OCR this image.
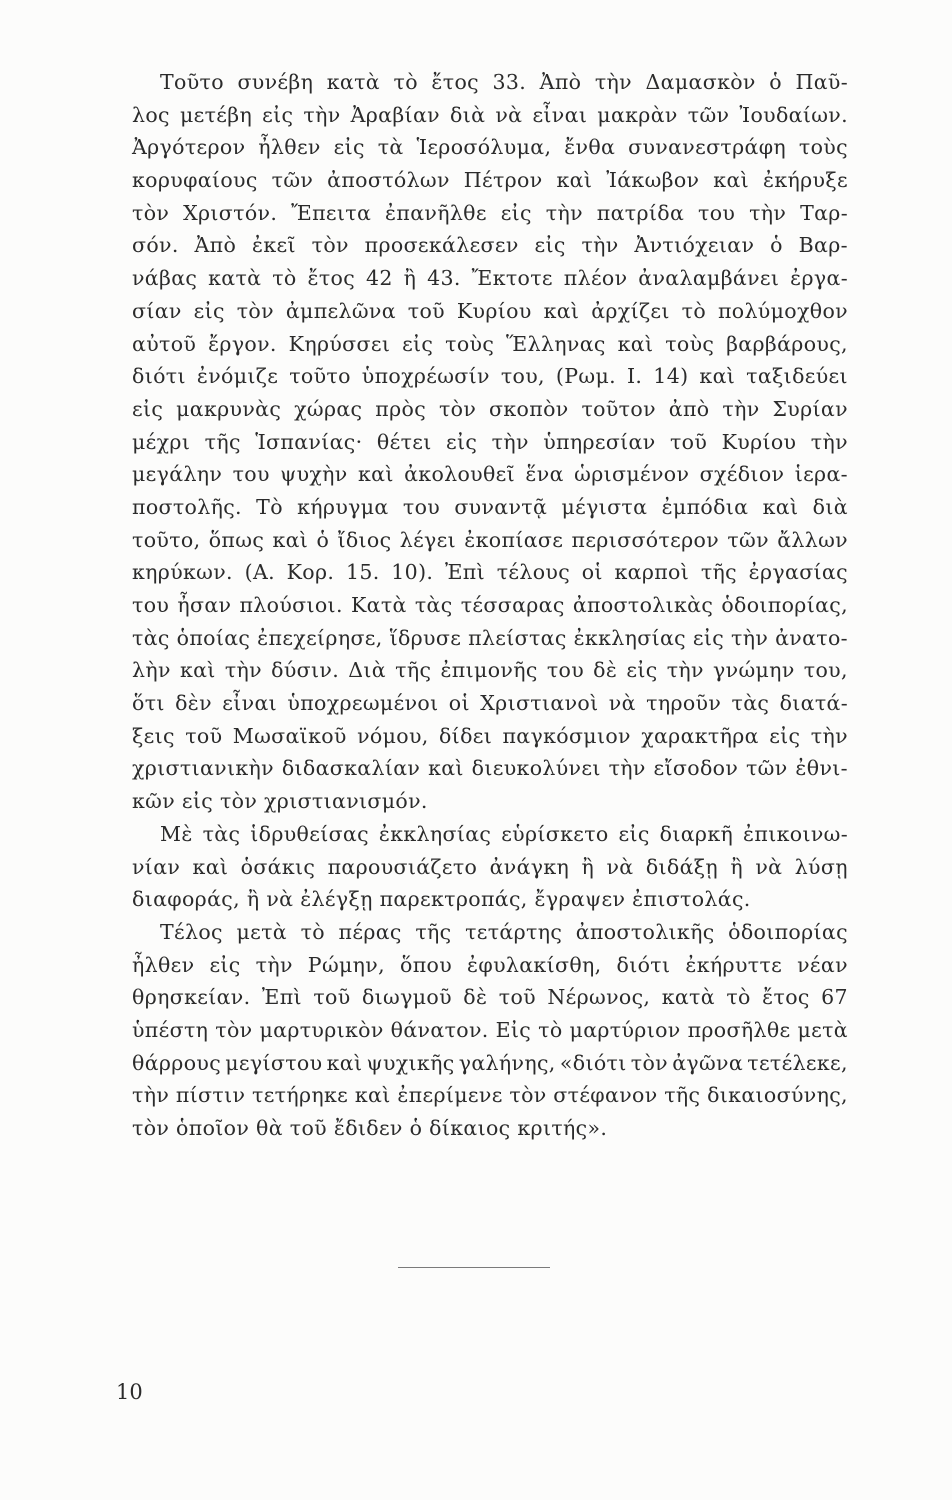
Τοῦτο συνέβη κατὰ τὸ ἔτος 33. Ἀπὸ τὴν Δαμασκὸν ὁ Παῦ-
λος μετέβη εἰς τὴν Ἀραβίαν διὰ νὰ εἶναι μακρὰν τῶν Ἰουδαίων.
Ἀργότερον ἦλθεν εἰς τὰ Ἱεροσόλυμα, ἔνθα συνανεστράφη τοὺς
κορυφαίους τῶν ἀποστόλων Πέτρον καὶ Ἰάκωβον καὶ ἐκήρυξε
τὸν Χριστόν. Ἔπειτα ἐπανῆλθε εἰς τὴν πατρίδα του τὴν Ταρ-
σόν. Ἀπὸ ἐκεῖ τὸν προσεκάλεσεν εἰς τὴν Ἀντιόχειαν ὁ Βαρ-
νάβας κατὰ τὸ ἔτος 42 ἢ 43. Ἔκτοτε πλέον ἀναλαμβάνει ἐργα-
σίαν εἰς τὸν ἀμπελῶνα τοῦ Κυρίου καὶ ἀρχίζει τὸ πολύμοχθον
αὐτοῦ ἔργον. Κηρύσσει εἰς τοὺς Ἕλληνας καὶ τοὺς βαρβάρους,
διότι ἐνόμιζε τοῦτο ὑποχρέωσίν του, (Ρωμ. Ι. 14) καὶ ταξιδεύει
εἰς μακρυνὰς χώρας πρὸς τὸν σκοπὸν τοῦτον ἀπὸ τὴν Συρίαν
μέχρι τῆς Ἱσπανίας· θέτει εἰς τὴν ὑπηρεσίαν τοῦ Κυρίου τὴν
μεγάλην του ψυχὴν καὶ ἀκολουθεῖ ἕνα ὡρισμένον σχέδιον ἱερα-
ποστολῆς. Τὸ κήρυγμα του συναντᾷ μέγιστα ἐμπόδια καὶ διὰ
τοῦτο, ὅπως καὶ ὁ ἴδιος λέγει ἐκοπίασε περισσότερον τῶν ἄλλων
κηρύκων. (Α. Κορ. 15. 10). Ἐπὶ τέλους οἱ καρποὶ τῆς ἐργασίας
του ἦσαν πλούσιοι. Κατὰ τὰς τέσσαρας ἀποστολικὰς ὁδοιπορίας,
τὰς ὁποίας ἐπεχείρησε, ἵδρυσε πλείστας ἐκκλησίας εἰς τὴν ἀνατο-
λὴν καὶ τὴν δύσιν. Διὰ τῆς ἐπιμονῆς του δὲ εἰς τὴν γνώμην του,
ὅτι δὲν εἶναι ὑποχρεωμένοι οἱ Χριστιανοὶ νὰ τηροῦν τὰς διατά-
ξεις τοῦ Μωσαϊκοῦ νόμου, δίδει παγκόσμιον χαρακτῆρα εἰς τὴν
χριστιανικὴν διδασκαλίαν καὶ διευκολύνει τὴν εἴσοδον τῶν ἐθνι-
κῶν εἰς τὸν χριστιανισμόν.
Μὲ τὰς ἱδρυθείσας ἐκκλησίας εὑρίσκετο εἰς διαρκῆ ἐπικοινω-
νίαν καὶ ὁσάκις παρουσιάζετο ἀνάγκη ἢ νὰ διδάξῃ ἢ νὰ λύσῃ
διαφοράς, ἢ νὰ ἐλέγξῃ παρεκτροπάς, ἔγραψεν ἐπιστολάς.
Τέλος μετὰ τὸ πέρας τῆς τετάρτης ἀποστολικῆς ὁδοιπορίας
ἦλθεν εἰς τὴν Ρώμην, ὅπου ἐφυλακίσθη, διότι ἐκήρυττε νέαν
θρησκείαν. Ἐπὶ τοῦ διωγμοῦ δὲ τοῦ Νέρωνος, κατὰ τὸ ἔτος 67
ὑπέστη τὸν μαρτυρικὸν θάνατον. Εἰς τὸ μαρτύριον προσῆλθε μετὰ
θάρρους μεγίστου καὶ ψυχικῆς γαλήνης, «διότι τὸν ἀγῶνα τετέλεκε,
τὴν πίστιν τετήρηκε καὶ ἐπερίμενε τὸν στέφανον τῆς δικαιοσύνης,
τὸν ὁποῖον θὰ τοῦ ἔδιδεν ὁ δίκαιος κριτής».
10
